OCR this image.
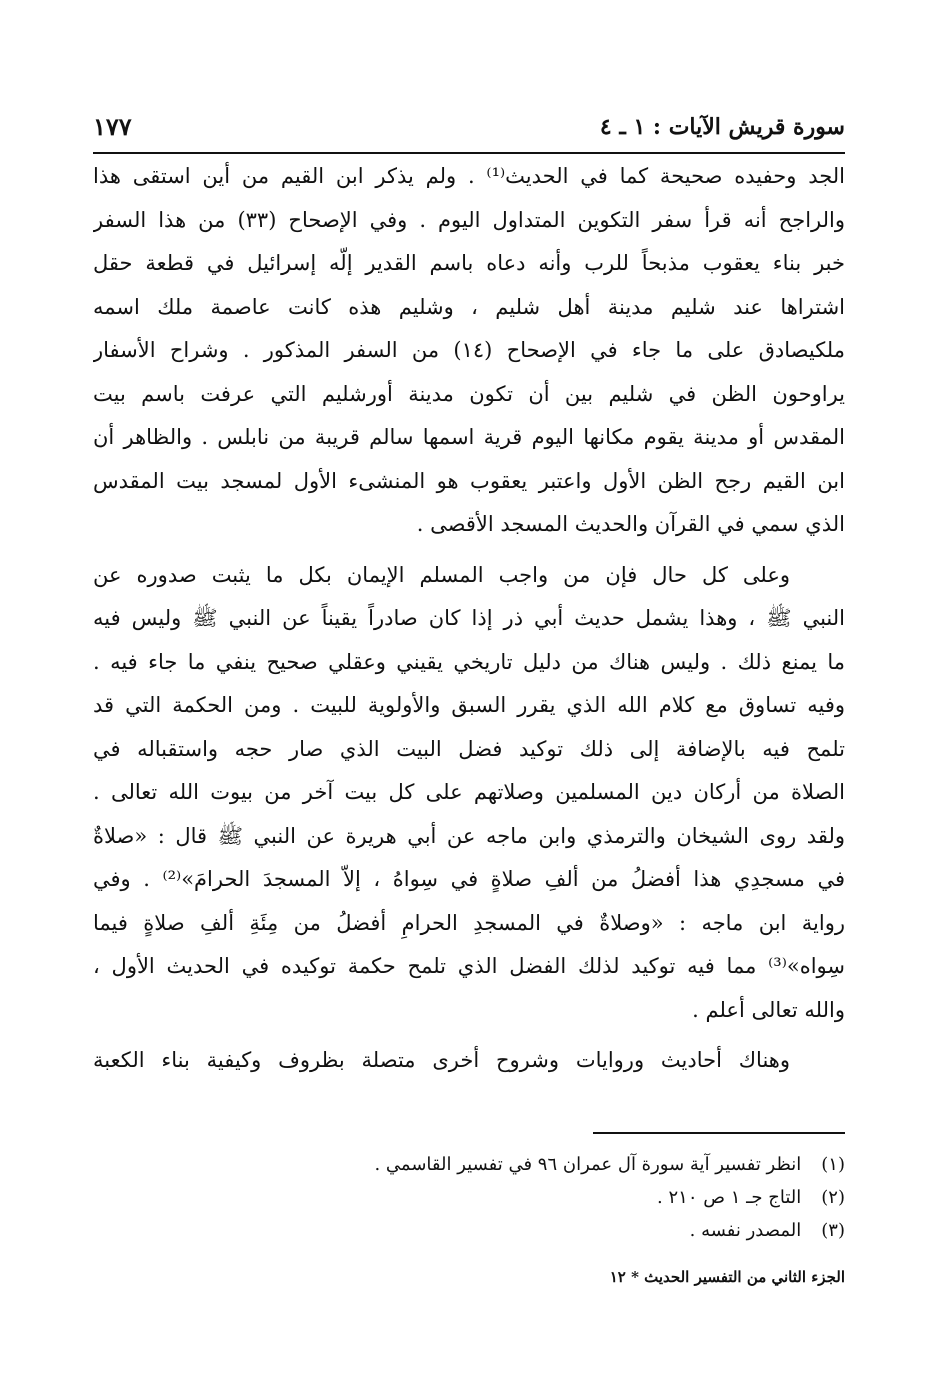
سورة قريش الآيات : ١ ـ ٤
١٧٧
الجد وحفيده صحيحة كما في الحديث⁽¹⁾ . ولم يذكر ابن القيم من أين استقى هذا
والراجح أنه قرأ سفر التكوين المتداول اليوم . وفي الإصحاح (٣٣) من هذا السفر
خبر بناء يعقوب مذبحاً للرب وأنه دعاه باسم القدير إلّه إسرائيل في قطعة حقل
اشتراها عند شليم مدينة أهل شليم ، وشليم هذه كانت عاصمة ملك اسمه
ملكيصادق على ما جاء في الإصحاح (١٤) من السفر المذكور . وشراح الأسفار
يراوحون الظن في شليم بين أن تكون مدينة أورشليم التي عرفت باسم بيت
المقدس أو مدينة يقوم مكانها اليوم قرية اسمها سالم قريبة من نابلس . والظاهر أن
ابن القيم رجح الظن الأول واعتبر يعقوب هو المنشىء الأول لمسجد بيت المقدس
الذي سمي في القرآن والحديث المسجد الأقصى .
وعلى كل حال فإن من واجب المسلم الإيمان بكل ما يثبت صدوره عن
النبي ﷺ ، وهذا يشمل حديث أبي ذر إذا كان صادراً يقيناً عن النبي ﷺ وليس فيه
ما يمنع ذلك . وليس هناك من دليل تاريخي يقيني وعقلي صحيح ينفي ما جاء فيه .
وفيه تساوق مع كلام الله الذي يقرر السبق والأولوية للبيت . ومن الحكمة التي قد
تلمح فيه بالإضافة إلى ذلك توكيد فضل البيت الذي صار حجه واستقباله في
الصلاة من أركان دين المسلمين وصلاتهم على كل بيت آخر من بيوت الله تعالى .
ولقد روى الشيخان والترمذي وابن ماجه عن أبي هريرة عن النبي ﷺ قال : «صلاةٌ
في مسجدِي هذا أفضلُ من ألفِ صلاةٍ في سِواهُ ، إلاّ المسجدَ الحرامَ»⁽²⁾ . وفي
رواية ابن ماجه : «وصلاةٌ في المسجدِ الحرامِ أفضلُ من مِئَةِ ألفِ صلاةٍ فيما
سِواه»⁽³⁾ مما فيه توكيد لذلك الفضل الذي تلمح حكمة توكيده في الحديث الأول ،
والله تعالى أعلم .
وهناك أحاديث وروايات وشروح أخرى متصلة بظروف وكيفية بناء الكعبة
(١) انظر تفسير آية سورة آل عمران ٩٦ في تفسير القاسمي .
(٢) التاج جـ ١ ص ٢١٠ .
(٣) المصدر نفسه .
الجزء الثاني من التفسير الحديث * ١٢
